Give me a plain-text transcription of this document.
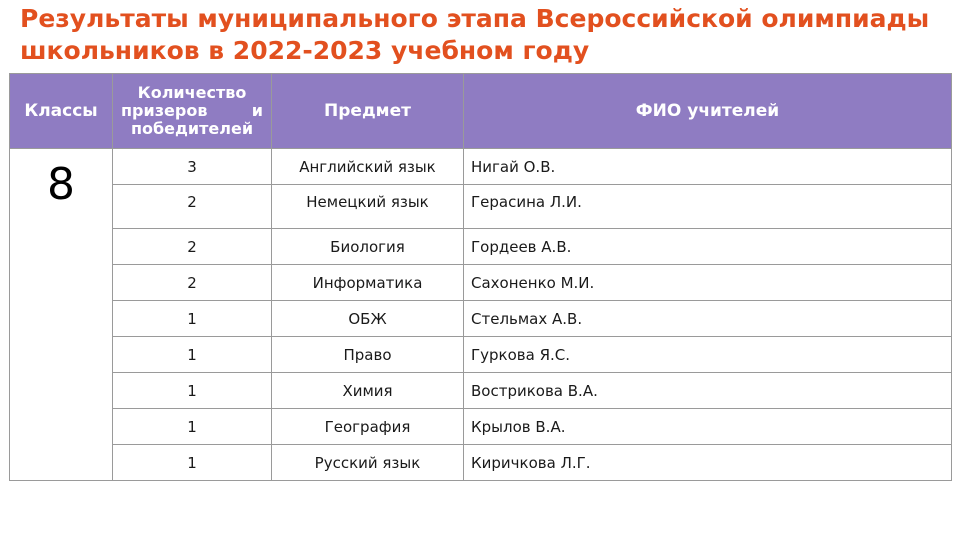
Результаты муниципального этапа Всероссийской олимпиады школьников в 2022-2023 учебном году
Классы	Количество
призеров и
победителей	Предмет	ФИО учителей
8	3	Английский язык	Нигай О.В.
	2	Немецкий язык	Герасина Л.И.
	2	Биология	Гордеев А.В.
	2	Информатика	Сахоненко М.И.
	1	ОБЖ	Стельмах А.В.
	1	Право	Гуркова Я.С.
	1	Химия	Вострикова В.А.
	1	География	Крылов В.А.
	1	Русский язык	Киричкова Л.Г.
